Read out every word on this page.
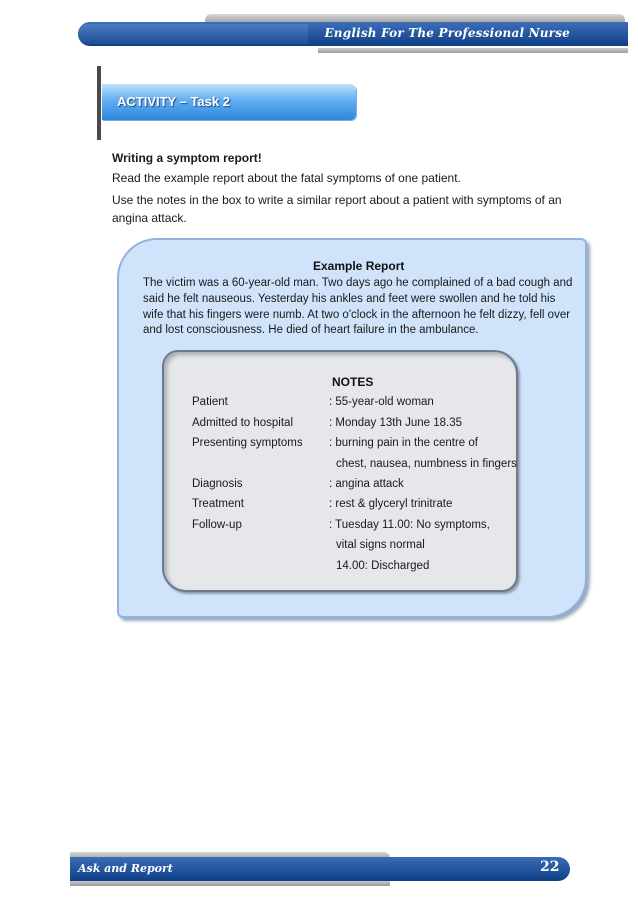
English For The Professional Nurse
ACTIVITY – Task 2
Writing a symptom report!
Read the example report about the fatal symptoms of one patient.
Use the notes in the box to write a similar report about a patient with symptoms of an angina attack.
Example Report
The victim was a 60-year-old man. Two days ago he complained of a bad cough and said he felt nauseous. Yesterday his ankles and feet were swollen and he told his wife that his fingers were numb. At two o'clock in the afternoon he felt dizzy, fell over and lost consciousness. He died of heart failure in the ambulance.
NOTES
Patient	: 55-year-old woman
Admitted to hospital	: Monday 13th June 18.35
Presenting symptoms : burning pain in the centre of
chest, nausea, numbness in fingers
Diagnosis	: angina attack
Treatment	: rest & glyceryl trinitrate
Follow-up	: Tuesday 11.00: No symptoms,
vital signs normal
14.00: Discharged
Ask and Report	22
